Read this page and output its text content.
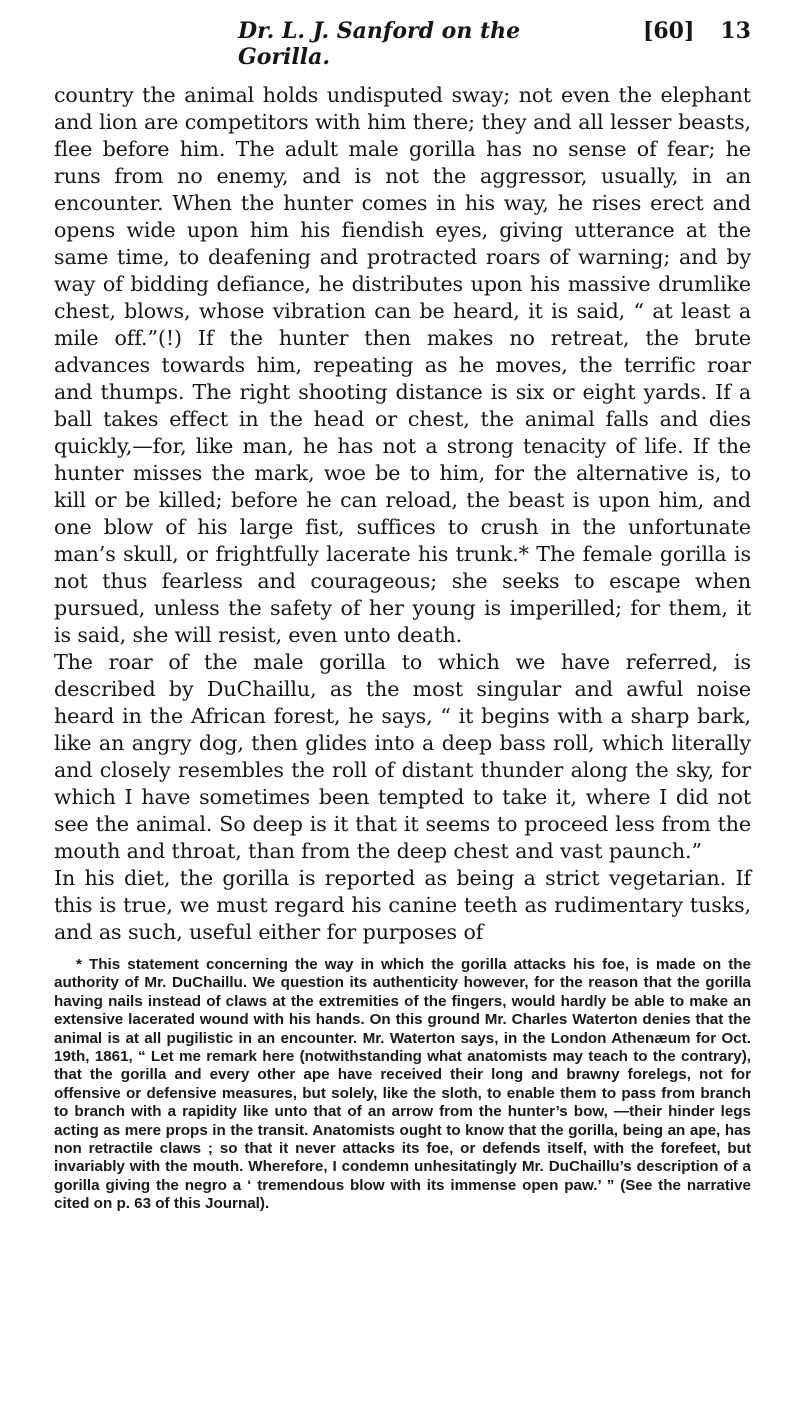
Dr. L. J. Sanford on the Gorilla.
[60] 13

country the animal holds undisputed sway; not even the elephant and lion are competitors with him there; they and all lesser beasts, flee before him. The adult male gorilla has no sense of fear; he runs from no enemy, and is not the aggressor, usually, in an encounter. When the hunter comes in his way, he rises erect and opens wide upon him his fiendish eyes, giving utterance at the same time, to deafening and protracted roars of warning; and by way of bidding defiance, he distributes upon his massive drumlike chest, blows, whose vibration can be heard, it is said, “ at least a mile off.”(!) If the hunter then makes no retreat, the brute advances towards him, repeating as he moves, the terrific roar and thumps. The right shooting distance is six or eight yards. If a ball takes effect in the head or chest, the animal falls and dies quickly,—for, like man, he has not a strong tenacity of life. If the hunter misses the mark, woe be to him, for the alternative is, to kill or be killed; before he can reload, the beast is upon him, and one blow of his large fist, suffices to crush in the unfortunate man’s skull, or frightfully lacerate his trunk.* The female gorilla is not thus fearless and courageous; she seeks to escape when pursued, unless the safety of her young is imperilled; for them, it is said, she will resist, even unto death.

The roar of the male gorilla to which we have referred, is described by DuChaillu, as the most singular and awful noise heard in the African forest, he says, “ it begins with a sharp bark, like an angry dog, then glides into a deep bass roll, which literally and closely resembles the roll of distant thunder along the sky, for which I have sometimes been tempted to take it, where I did not see the animal. So deep is it that it seems to proceed less from the mouth and throat, than from the deep chest and vast paunch.”

In his diet, the gorilla is reported as being a strict vegetarian. If this is true, we must regard his canine teeth as rudimentary tusks, and as such, useful either for purposes of

* This statement concerning the way in which the gorilla attacks his foe, is made on the authority of Mr. DuChaillu. We question its authenticity however, for the reason that the gorilla having nails instead of claws at the extremities of the fingers, would hardly be able to make an extensive lacerated wound with his hands. On this ground Mr. Charles Waterton denies that the animal is at all pugilistic in an encounter. Mr. Waterton says, in the London Athenæum for Oct. 19th, 1861, “ Let me remark here (notwithstanding what anatomists may teach to the contrary), that the gorilla and every other ape have received their long and brawny forelegs, not for offensive or defensive measures, but solely, like the sloth, to enable them to pass from branch to branch with a rapidity like unto that of an arrow from the hunter’s bow, —their hinder legs acting as mere props in the transit. Anatomists ought to know that the gorilla, being an ape, has non retractile claws ; so that it never attacks its foe, or defends itself, with the forefeet, but invariably with the mouth. Wherefore, I condemn unhesitatingly Mr. DuChaillu’s description of a gorilla giving the negro a ‘ tremendous blow with its immense open paw.’ ” (See the narrative cited on p. 63 of this Journal).
